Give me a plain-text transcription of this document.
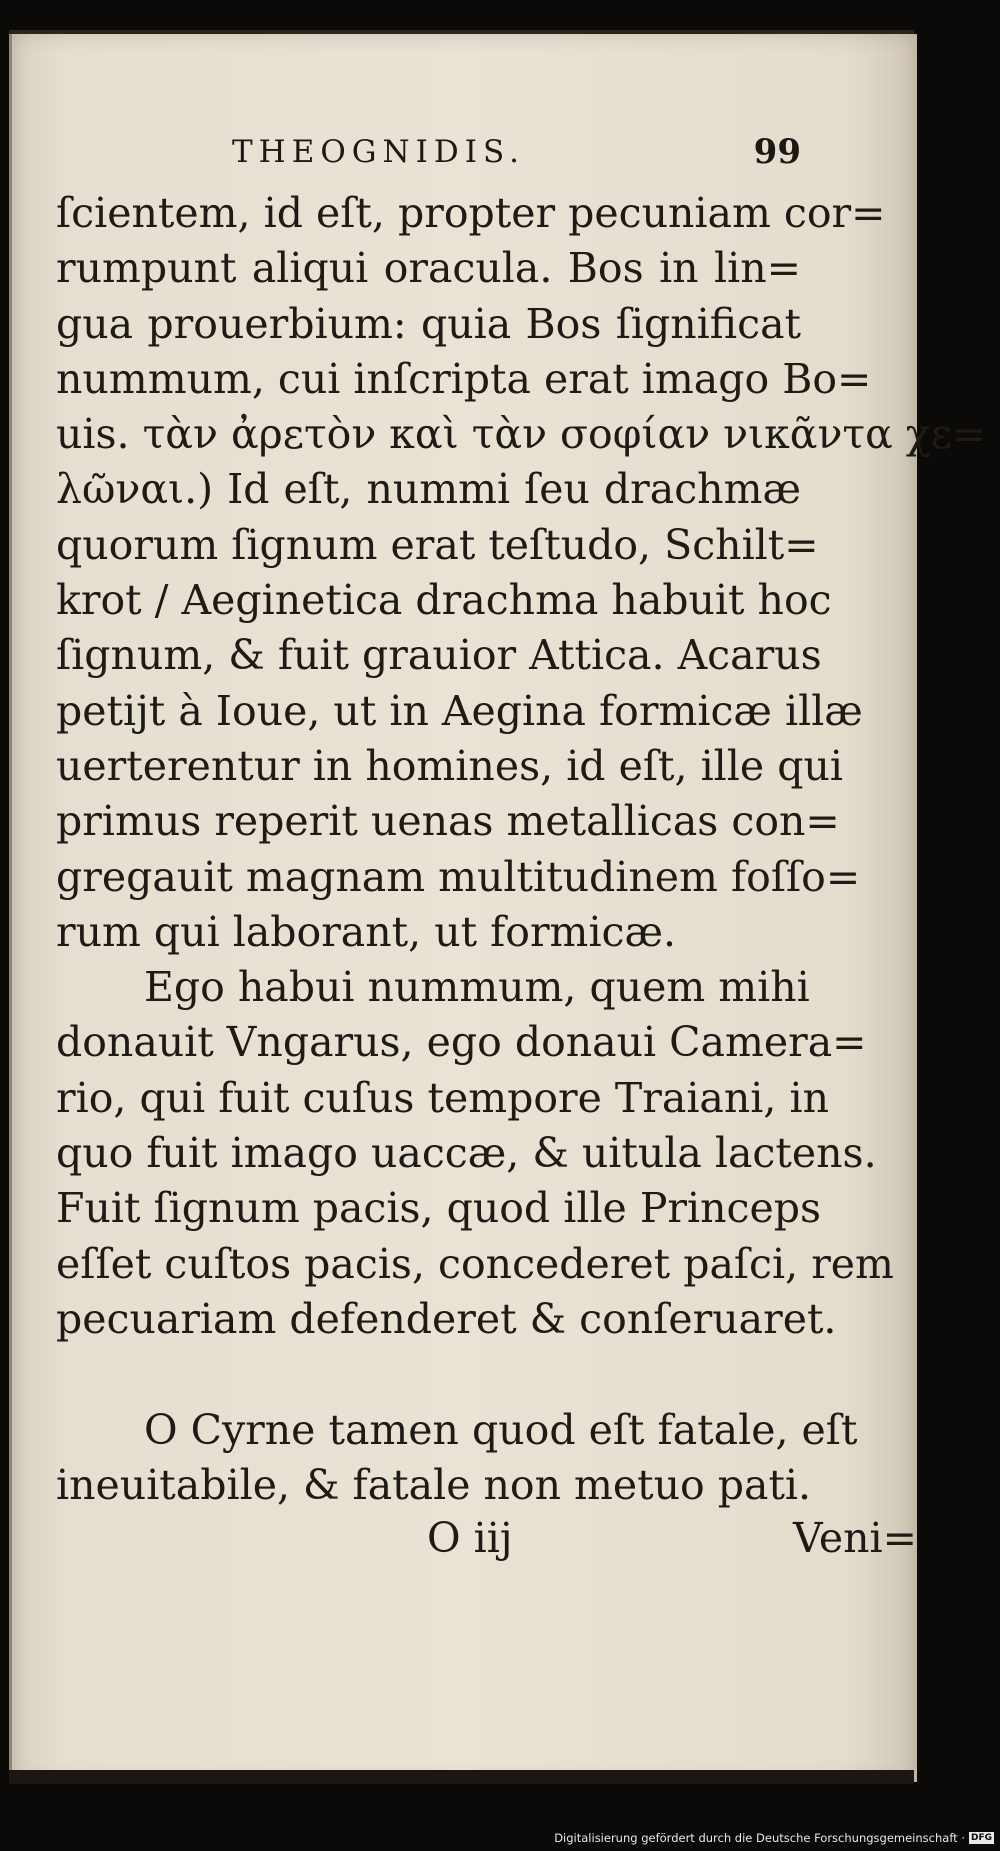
THEOGNIDIS.	99
ſcientem, id eſt, propter pecuniam cor=
rumpunt aliqui oracula. Bos in lin=
gua prouerbium: quia Bos ſignificat
nummum, cui inſcripta erat imago Bo=
uis. τὰν ἀρετὸν καὶ τὰν σοφίαν νικᾶντα χε=
λῶναι.) Id eſt, nummi ſeu drachmæ
quorum ſignum erat teſtudo, Schilt=
krot / Aeginetica drachma habuit hoc
ſignum, & fuit grauior Attica. Acarus
petijt à Ioue, ut in Aegina formicæ illæ
uerterentur in homines, id eſt, ille qui
primus reperit uenas metallicas con=
gregauit magnam multitudinem foſſo=
rum qui laborant, ut formicæ.
Ego habui nummum, quem mihi
donauit Vngarus, ego donaui Camera=
rio, qui fuit cuſus tempore Traiani, in
quo fuit imago uaccæ, & uitula lactens.
Fuit ſignum pacis, quod ille Princeps
eſſet cuſtos pacis, concederet paſci, rem
pecuariam defenderet & conſeruaret.
O Cyrne tamen quod eſt fatale, eſt
ineuitabile, & fatale non metuo pati.
O iij	Veni=
Digitalisierung gefördert durch die Deutsche Forschungsgemeinschaft · DFG
